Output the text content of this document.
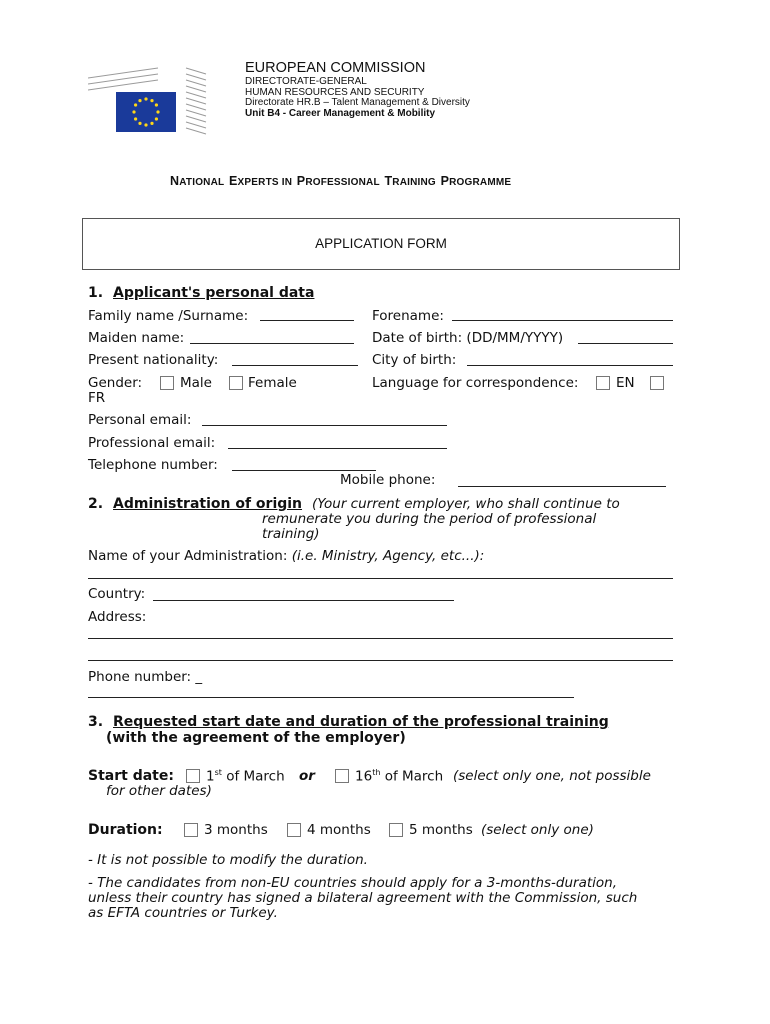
EUROPEAN COMMISSION
DIRECTORATE-GENERAL
HUMAN RESOURCES AND SECURITY
Directorate HR.B – Talent Management & Diversity
Unit B4 - Career Management & Mobility
NATIONAL EXPERTS IN PROFESSIONAL TRAINING PROGRAMME
APPLICATION FORM
1. Applicant's personal data
Family name /Surname:	Forename:
Maiden name:	Date of birth: (DD/MM/YYYY)
Present nationality:	City of birth:
Gender:	Male	Female	Language for correspondence:	EN
FR
Personal email:
Professional email:
Telephone number:
Mobile phone:
2. Administration of origin (Your current employer, who shall continue to
remunerate you during the period of professional
training)
Name of your Administration: (i.e. Ministry, Agency, etc...):
Country:
Address:
Phone number: _
3. Requested start date and duration of the professional training
(with the agreement of the employer)
Start date: 1st of March or	16th of March (select only one, not possible
for other dates)
Duration:	3 months	4 months	5 months (select only one)
- It is not possible to modify the duration.
- The candidates from non-EU countries should apply for a 3-months-duration,
unless their country has signed a bilateral agreement with the Commission, such
as EFTA countries or Turkey.
